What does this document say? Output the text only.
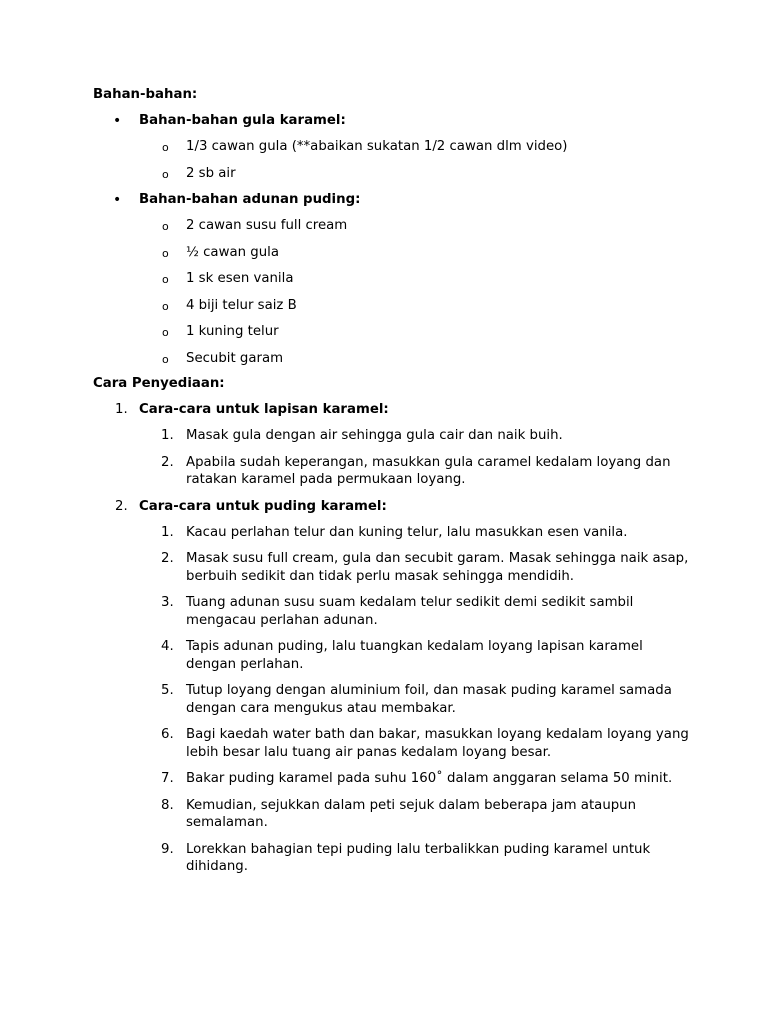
Bahan-bahan:
• Bahan-bahan gula karamel:
o 1/3 cawan gula (**abaikan sukatan 1/2 cawan dlm video)
o 2 sb air
• Bahan-bahan adunan puding:
o 2 cawan susu full cream
o ½ cawan gula
o 1 sk esen vanila
o 4 biji telur saiz B
o 1 kuning telur
o Secubit garam
Cara Penyediaan:
1. Cara-cara untuk lapisan karamel:
1. Masak gula dengan air sehingga gula cair dan naik buih.
2. Apabila sudah keperangan, masukkan gula caramel kedalam loyang dan ratakan karamel pada permukaan loyang.
2. Cara-cara untuk puding karamel:
1. Kacau perlahan telur dan kuning telur, lalu masukkan esen vanila.
2. Masak susu full cream, gula dan secubit garam. Masak sehingga naik asap, berbuih sedikit dan tidak perlu masak sehingga mendidih.
3. Tuang adunan susu suam kedalam telur sedikit demi sedikit sambil mengacau perlahan adunan.
4. Tapis adunan puding, lalu tuangkan kedalam loyang lapisan karamel dengan perlahan.
5. Tutup loyang dengan aluminium foil, dan masak puding karamel samada dengan cara mengukus atau membakar.
6. Bagi kaedah water bath dan bakar, masukkan loyang kedalam loyang yang lebih besar lalu tuang air panas kedalam loyang besar.
7. Bakar puding karamel pada suhu 160˚ dalam anggaran selama 50 minit.
8. Kemudian, sejukkan dalam peti sejuk dalam beberapa jam ataupun semalaman.
9. Lorekkan bahagian tepi puding lalu terbalikkan puding karamel untuk dihidang.
